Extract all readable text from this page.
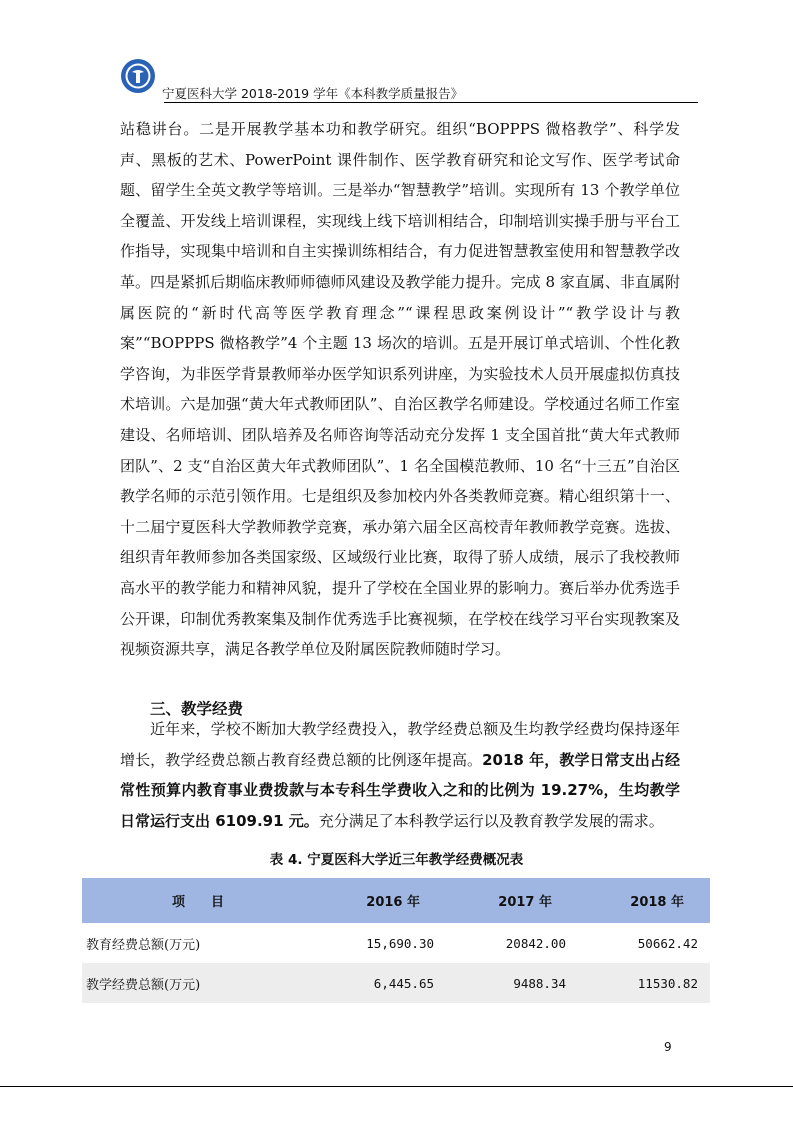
宁夏医科大学 2018-2019 学年《本科教学质量报告》

站稳讲台。二是开展教学基本功和教学研究。组织“BOPPPS 微格教学”、科学发声、黑板的艺术、PowerPoint 课件制作、医学教育研究和论文写作、医学考试命题、留学生全英文教学等培训。三是举办“智慧教学”培训。实现所有 13 个教学单位全覆盖、开发线上培训课程，实现线上线下培训相结合，印制培训实操手册与平台工作指导，实现集中培训和自主实操训练相结合，有力促进智慧教室使用和智慧教学改革。四是紧抓后期临床教师师德师风建设及教学能力提升。完成 8 家直属、非直属附属医院的“新时代高等医学教育理念”“课程思政案例设计”“教学设计与教案”“BOPPPS 微格教学”4 个主题 13 场次的培训。五是开展订单式培训、个性化教学咨询，为非医学背景教师举办医学知识系列讲座，为实验技术人员开展虚拟仿真技术培训。六是加强“黄大年式教师团队”、自治区教学名师建设。学校通过名师工作室建设、名师培训、团队培养及名师咨询等活动充分发挥 1 支全国首批“黄大年式教师团队”、2 支“自治区黄大年式教师团队”、1 名全国模范教师、10 名“十三五”自治区教学名师的示范引领作用。七是组织及参加校内外各类教师竞赛。精心组织第十一、十二届宁夏医科大学教师教学竞赛，承办第六届全区高校青年教师教学竞赛。选拔、组织青年教师参加各类国家级、区域级行业比赛，取得了骄人成绩，展示了我校教师高水平的教学能力和精神风貌，提升了学校在全国业界的影响力。赛后举办优秀选手公开课，印制优秀教案集及制作优秀选手比赛视频，在学校在线学习平台实现教案及视频资源共享，满足各教学单位及附属医院教师随时学习。

三、教学经费

近年来，学校不断加大教学经费投入，教学经费总额及生均教学经费均保持逐年增长，教学经费总额占教育经费总额的比例逐年提高。2018 年，教学日常支出占经常性预算内教育事业费拨款与本专科生学费收入之和的比例为 19.27%，生均教学日常运行支出 6109.91 元。充分满足了本科教学运行以及教育教学发展的需求。

表 4. 宁夏医科大学近三年教学经费概况表
项　　目	2016 年	2017 年	2018 年
教育经费总额(万元)	15,690.30	20842.00	50662.42
教学经费总额(万元)	6,445.65	9488.34	11530.82
9
